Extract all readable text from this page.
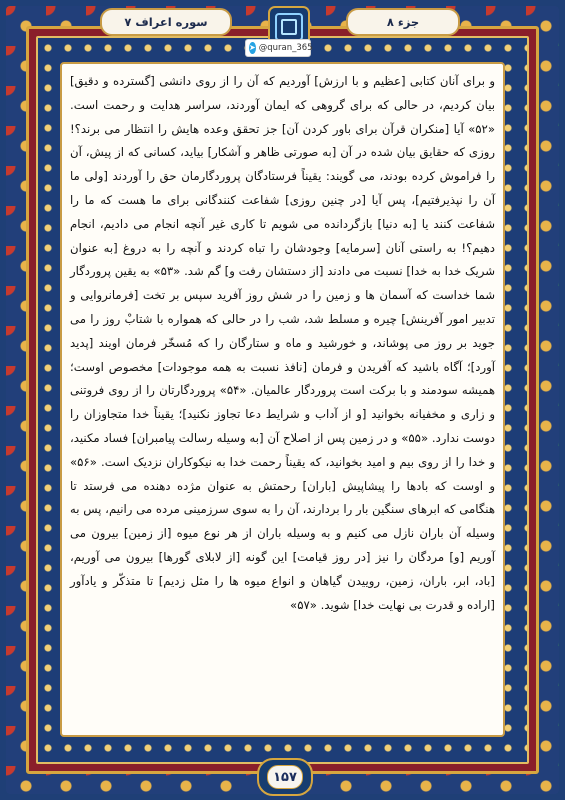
جزء ۸
سوره اعراف ۷
➤ @quran_365
و برای آنان کتابی [عظیم و با ارزش] آوردیم که آن را از روی دانشی [گسترده و دقیق] بیان کردیم، در حالی که برای گروهی که ایمان آوردند، سراسر هدایت و رحمت است. «۵۲» آیا [منکران قرآن برای باور کردن آن] جز تحقق وعده هایش را انتظار می برند؟! روزی که حقایق بیان شده در آن [به صورتی ظاهر و آشکار] بیاید، کسانی که از پیش، آن را فراموش کرده بودند، می گویند: یقیناً فرستادگان پروردگارمان حق را آوردند [ولی ما آن را نپذیرفتیم]، پس آیا [در چنین روزی] شفاعت کنندگانی برای ما هست که ما را شفاعت کنند یا [به دنیا] بازگردانده می شویم تا کاری غیر آنچه انجام می دادیم، انجام دهیم؟! به راستی آنان [سرمایه] وجودشان را تباه کردند و آنچه را به دروغ [به عنوان شریک خدا به خدا] نسبت می دادند [از دستشان رفت و] گم شد. «۵۳» به یقین پروردگار شما خداست که آسمان ها و زمین را در شش روز آفرید سپس بر تخت [فرمانروایی و تدبیر امور آفرینش] چیره و مسلط شد، شب را در حالی که همواره با شتابْ روز را می جوید بر روز می پوشاند، و خورشید و ماه و ستارگان را که مُسخّر فرمان اویند [پدید آورد]؛ آگاه باشید که آفریدن و فرمان [نافذ نسبت به همه موجودات] مخصوص اوست؛ همیشه سودمند و با برکت است پروردگار عالمیان. «۵۴» پروردگارتان را از روی فروتنی و زاری و مخفیانه بخوانید [و از آداب و شرایط دعا تجاوز نکنید]؛ یقیناً خدا متجاوزان را دوست ندارد. «۵۵» و در زمین پس از اصلاح آن [به وسیله رسالت پیامبران] فساد مکنید، و خدا را از روی بیم و امید بخوانید، که یقیناً رحمت خدا به نیکوکاران نزدیک است. «۵۶» و اوست که بادها را پیشاپیش [باران] رحمتش به عنوان مژده دهنده می فرستد تا هنگامی که ابرهای سنگین بار را بردارند، آن را به سوی سرزمینی مرده می رانیم، پس به وسیله آن باران نازل می کنیم و به وسیله باران از هر نوع میوه [از زمین] بیرون می آوریم [و] مردگان را نیز [در روز قیامت] این گونه [از لابلای گورها] بیرون می آوریم، [باد، ابر، باران، زمین، روییدن گیاهان و انواع میوه ها را مثل زدیم] تا متذکّر و یادآور [اراده و قدرت بی نهایت خدا] شوید. «۵۷»
۱۵۷
